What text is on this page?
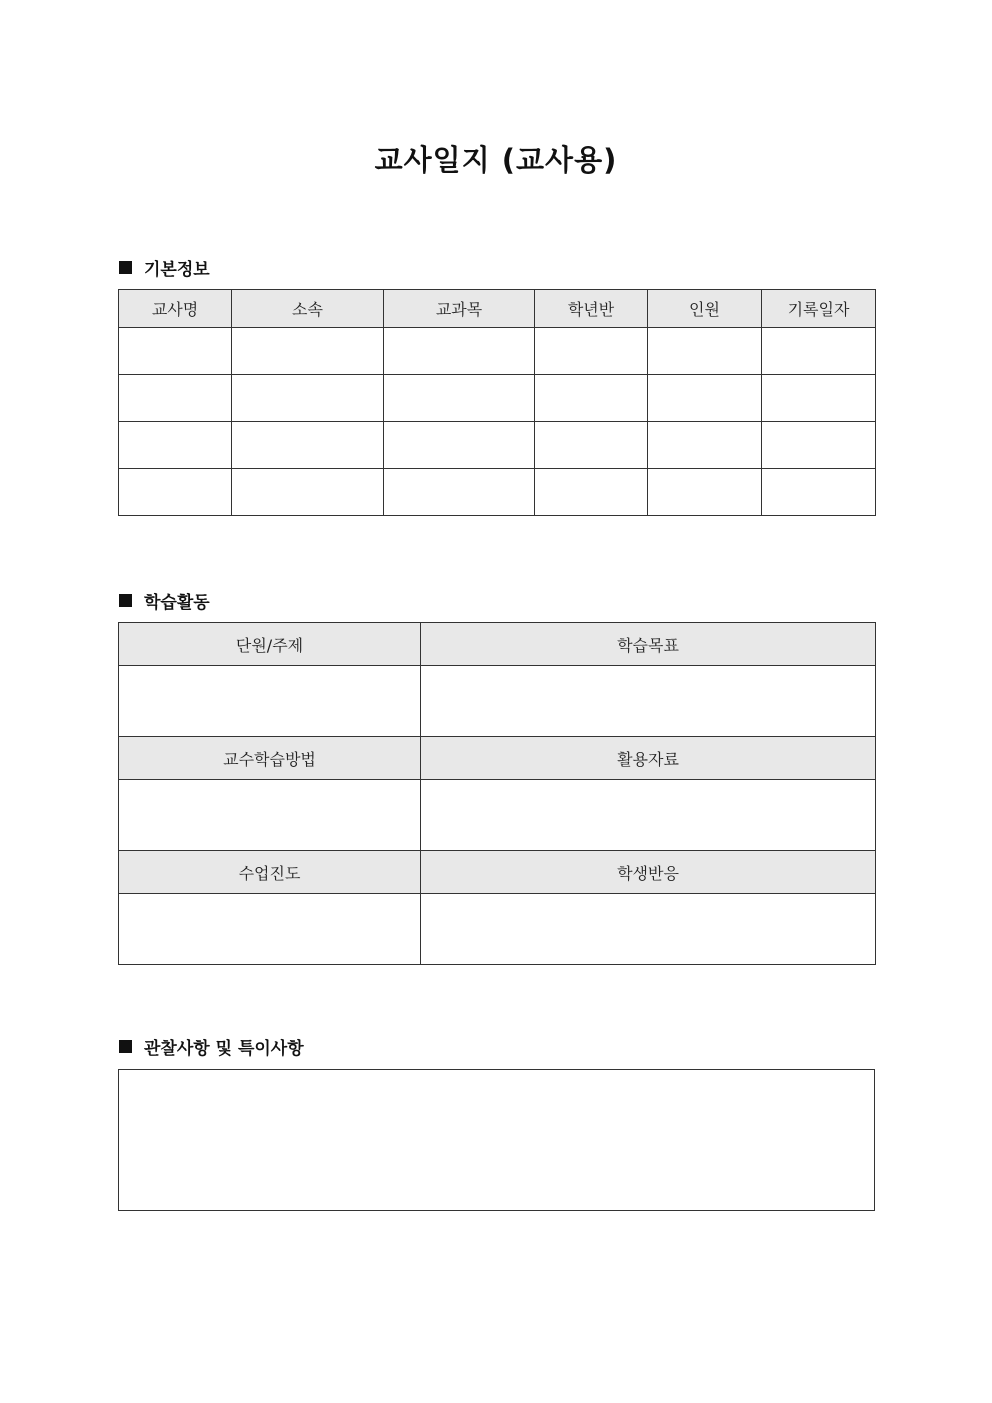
교사일지 (교사용)
기본정보
교사명	소속	교과목	학년반	인원	기록일자

학습활동
단원/주제	학습목표

교수학습방법	활용자료

수업진도	학생반응

관찰사항 및 특이사항
